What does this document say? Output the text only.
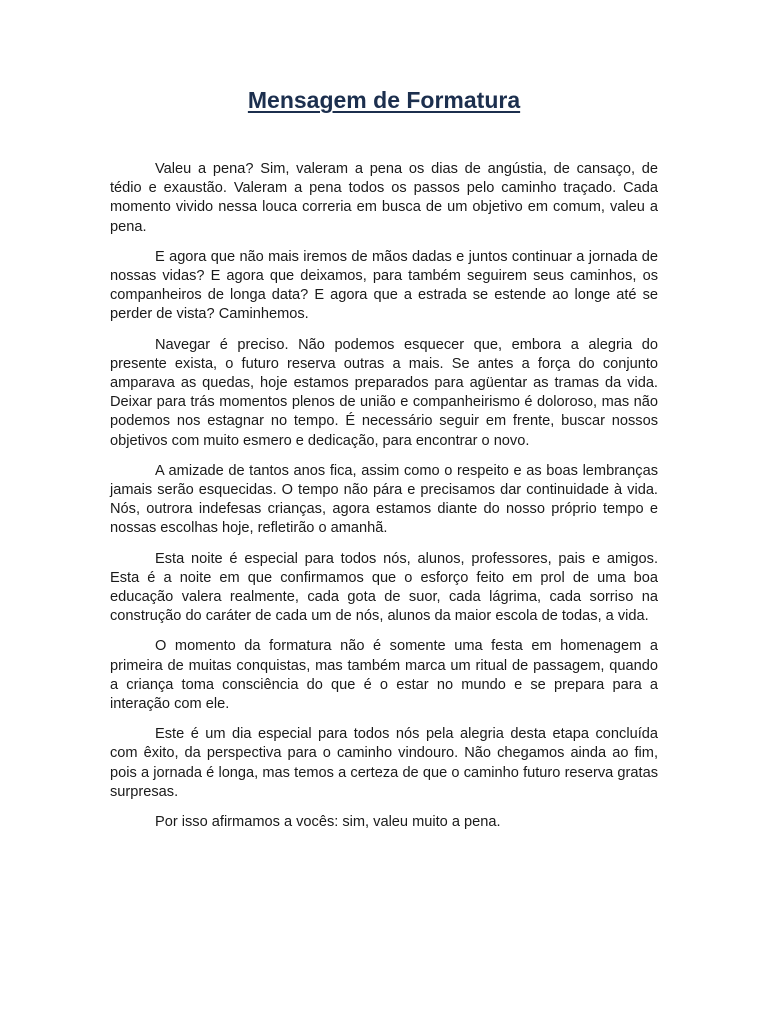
Mensagem de Formatura

Valeu a pena? Sim, valeram a pena os dias de angústia, de cansaço, de tédio e exaustão. Valeram a pena todos os passos pelo caminho traçado. Cada momento vivido nessa louca correria em busca de um objetivo em comum, valeu a pena.

E agora que não mais iremos de mãos dadas e juntos continuar a jornada de nossas vidas? E agora que deixamos, para também seguirem seus caminhos, os companheiros de longa data? E agora que a estrada se estende ao longe até se perder de vista? Caminhemos.

Navegar é preciso. Não podemos esquecer que, embora a alegria do presente exista, o futuro reserva outras a mais. Se antes a força do conjunto amparava as quedas, hoje estamos preparados para agüentar as tramas da vida. Deixar para trás momentos plenos de união e companheirismo é doloroso, mas não podemos nos estagnar no tempo. É necessário seguir em frente, buscar nossos objetivos com muito esmero e dedicação, para encontrar o novo.

A amizade de tantos anos fica, assim como o respeito e as boas lembranças jamais serão esquecidas. O tempo não pára e precisamos dar continuidade à vida. Nós, outrora indefesas crianças, agora estamos diante do nosso próprio tempo e nossas escolhas hoje, refletirão o amanhã.

Esta noite é especial para todos nós, alunos, professores, pais e amigos. Esta é a noite em que confirmamos que o esforço feito em prol de uma boa educação valera realmente, cada gota de suor, cada lágrima, cada sorriso na construção do caráter de cada um de nós, alunos da maior escola de todas, a vida.

O momento da formatura não é somente uma festa em homenagem a primeira de muitas conquistas, mas também marca um ritual de passagem, quando a criança toma consciência do que é o estar no mundo e se prepara para a interação com ele.

Este é um dia especial para todos nós pela alegria desta etapa concluída com êxito, da perspectiva para o caminho vindouro. Não chegamos ainda ao fim, pois a jornada é longa, mas temos a certeza de que o caminho futuro reserva gratas surpresas.

Por isso afirmamos a vocês: sim, valeu muito a pena.
